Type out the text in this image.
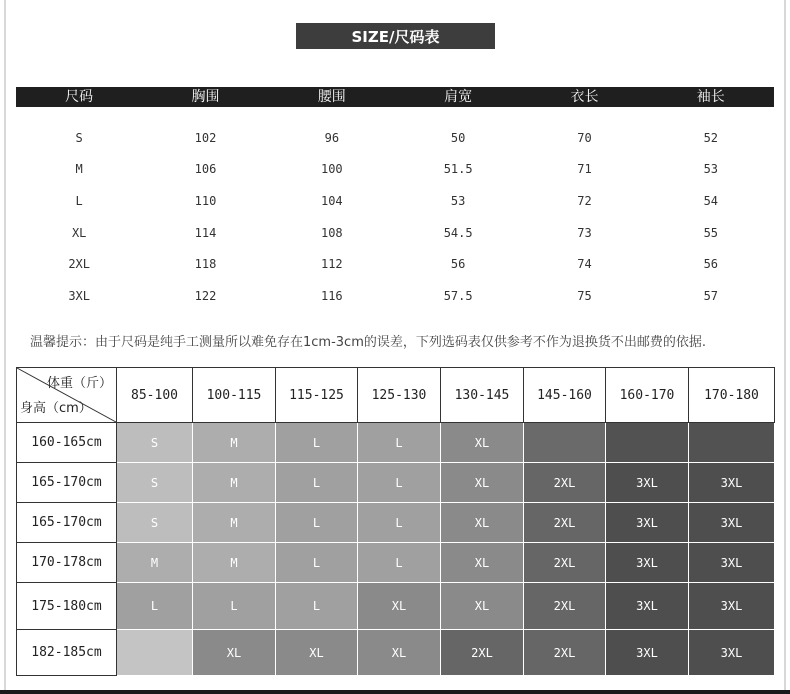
SIZE/尺码表
尺码	胸围	腰围	肩宽	衣长	袖长
S	102	96	50	70	52
M	106	100	51.5	71	53
L	110	104	53	72	54
XL	114	108	54.5	73	55
2XL	118	112	56	74	56
3XL	122	116	57.5	75	57
温馨提示：由于尺码是纯手工测量所以难免存在1cm-3cm的误差，下列选码表仅供参考不作为退换货不出邮费的依据.
体重（斤）
身高（cm）	85-100	100-115	115-125	125-130	130-145	145-160	160-170	170-180
160-165cm	S	M	L	L	XL			
165-170cm	S	M	L	L	XL	2XL	3XL	3XL
165-170cm	S	M	L	L	XL	2XL	3XL	3XL
170-178cm	M	M	L	L	XL	2XL	3XL	3XL
175-180cm	L	L	L	XL	XL	2XL	3XL	3XL
182-185cm		XL	XL	XL	2XL	2XL	3XL	3XL
